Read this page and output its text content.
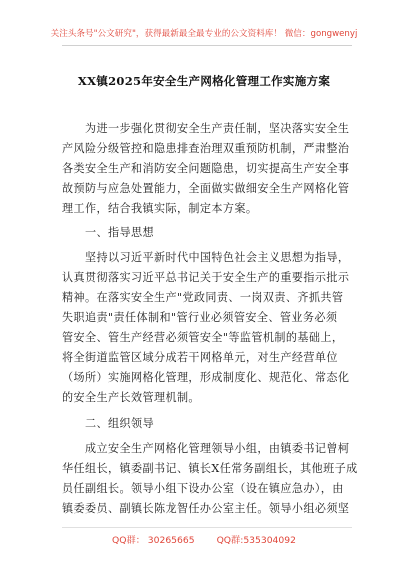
关注头条号"公文研究"，获得最新最全最专业的公文资料库！ 微信：gongwenyj
XX镇2025年安全生产网格化管理工作实施方案
为进一步强化贯彻安全生产责任制，坚决落实安全生
产风险分级管控和隐患排查治理双重预防机制，严肃整治
各类安全生产和消防安全问题隐患，切实提高生产安全事
故预防与应急处置能力，全面做实做细安全生产网格化管
理工作，结合我镇实际，制定本方案。
一、指导思想
坚持以习近平新时代中国特色社会主义思想为指导，
认真贯彻落实习近平总书记关于安全生产的重要指示批示
精神。在落实安全生产"党政同责、一岗双责、齐抓共管
失职追责"责任体制和"管行业必须管安全、管业务必须
管安全、管生产经营必须管安全"等监管机制的基础上，
将全街道监管区域分成若干网格单元，对生产经营单位
（场所）实施网格化管理，形成制度化、规范化、常态化
的安全生产长效管理机制。
二、组织领导
成立安全生产网格化管理领导小组，由镇委书记曾柯
华任组长，镇委副书记、镇长X任常务副组长，其他班子成
员任副组长。领导小组下设办公室（设在镇应急办），由
镇委委员、副镇长陈龙智任办公室主任。领导小组必须坚
QQ群： 30265665 QQ群:535304092
